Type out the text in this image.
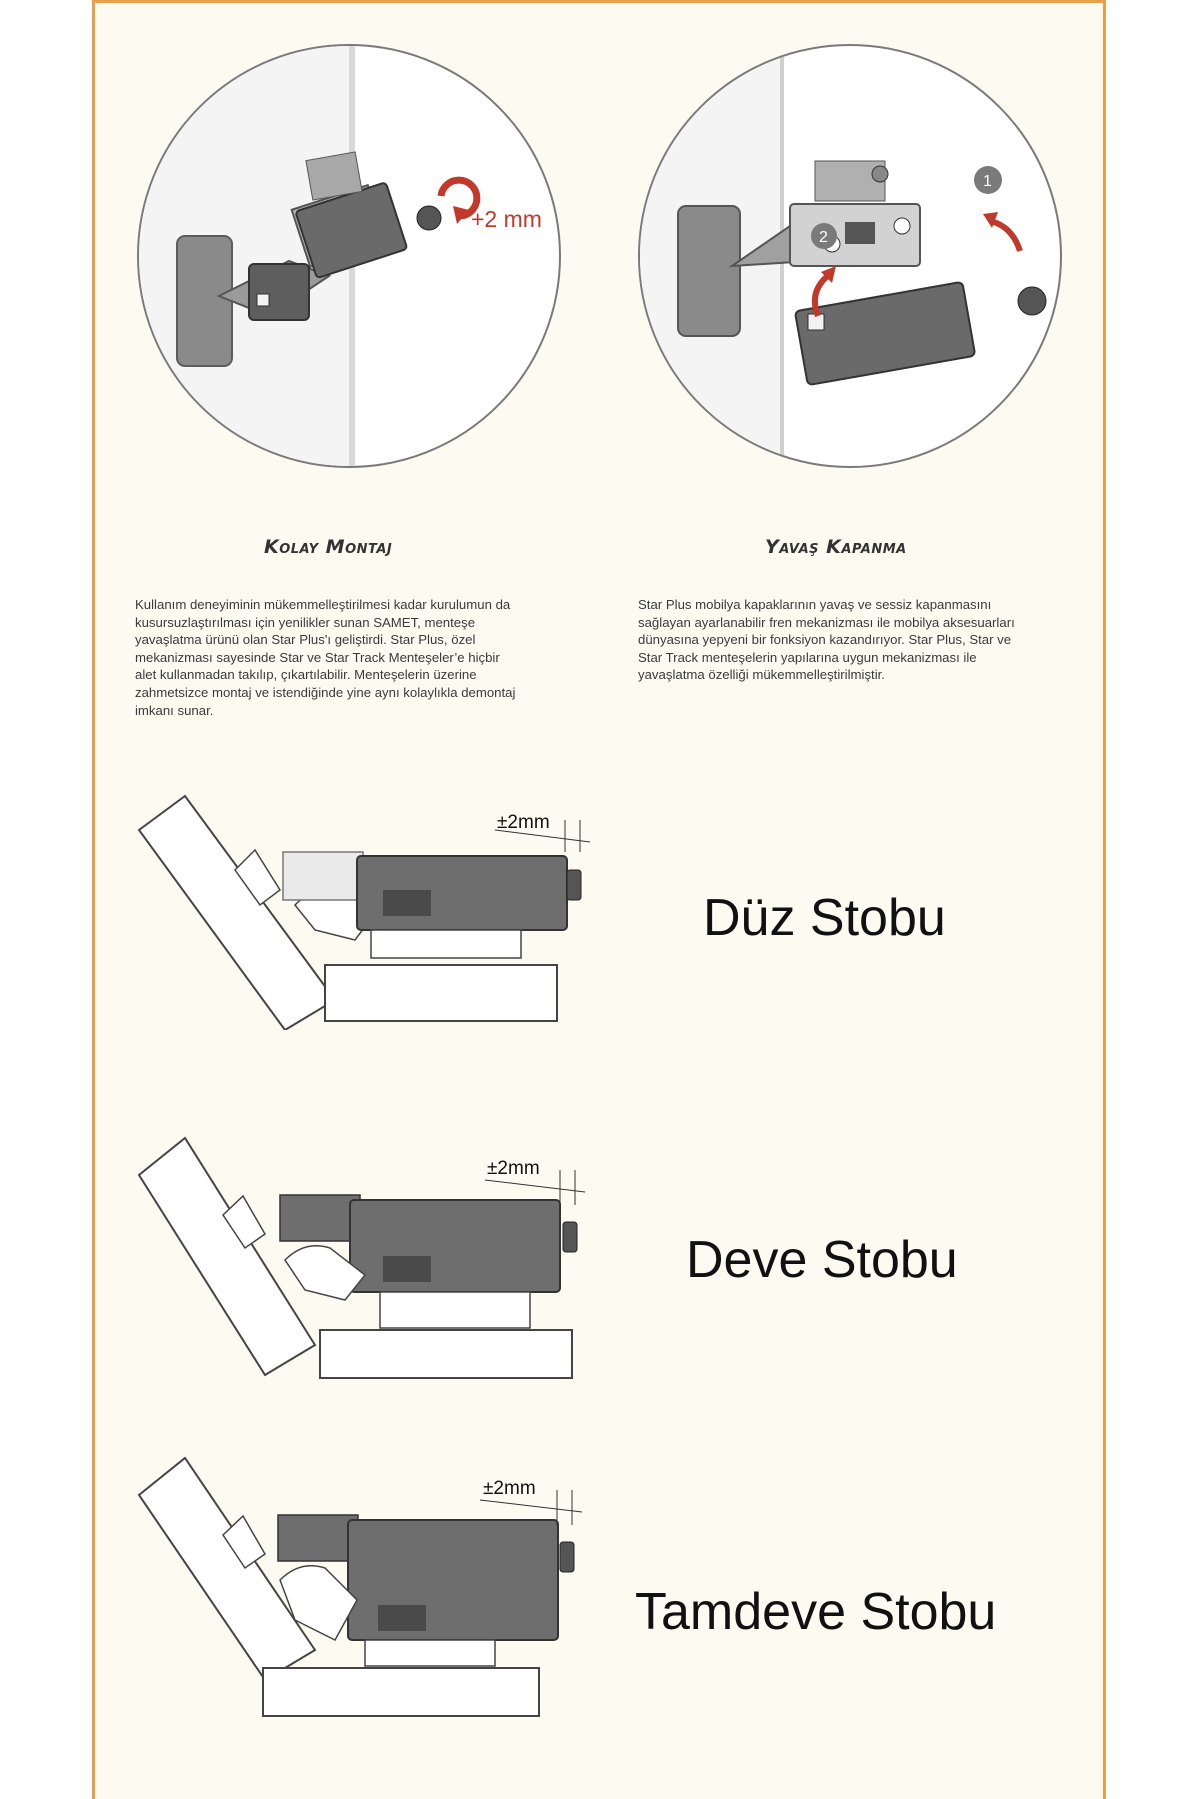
+2 mm
1
2
Kolay Montaj	Yavaş Kapanma
Kullanım deneyiminin mükemmelleştirilmesi kadar kurulumun da
kusursuzlaştırılması için yenilikler sunan SAMET, menteşe
yavaşlatma ürünü olan Star Plus'ı geliştirdi. Star Plus, özel
mekanizması sayesinde Star ve Star Track Menteşeler’e hiçbir
alet kullanmadan takılıp, çıkartılabilir. Menteşelerin üzerine
zahmetsizce montaj ve istendiğinde yine aynı kolaylıkla demontaj
imkanı sunar.
Star Plus mobilya kapaklarının yavaş ve sessiz kapanmasını
sağlayan ayarlanabilir fren mekanizması ile mobilya aksesuarları
dünyasına yepyeni bir fonksiyon kazandırıyor. Star Plus, Star ve
Star Track menteşelerin yapılarına uygun mekanizması ile
yavaşlatma özelliği mükemmelleştirilmiştir.
±2mm
Düz Stobu
±2mm
Deve Stobu
±2mm
Tamdeve Stobu
